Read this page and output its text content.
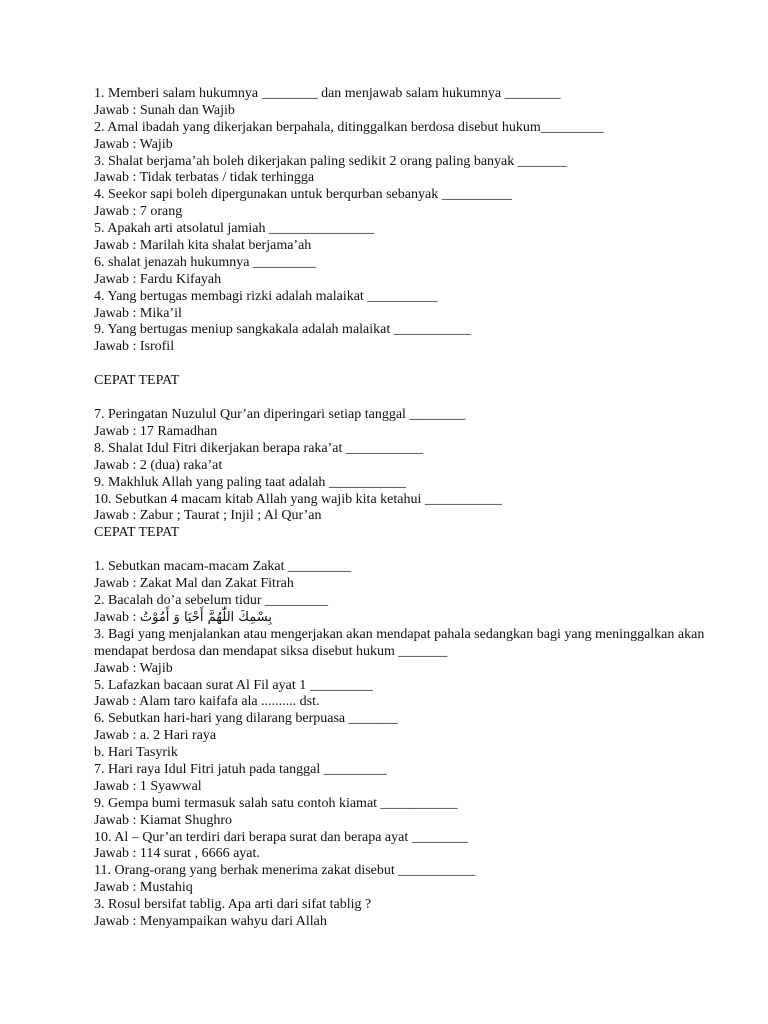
1. Memberi salam hukumnya ________ dan menjawab salam hukumnya ________
Jawab : Sunah dan Wajib
2. Amal ibadah yang dikerjakan berpahala, ditinggalkan berdosa disebut hukum_________
Jawab : Wajib
3. Shalat berjama’ah boleh dikerjakan paling sedikit 2 orang paling banyak _______
Jawab : Tidak terbatas / tidak terhingga
4. Seekor sapi boleh dipergunakan untuk berqurban sebanyak __________
Jawab : 7 orang
5. Apakah arti atsolatul jamiah _______________
Jawab : Marilah kita shalat berjama’ah
6. shalat jenazah hukumnya _________
Jawab : Fardu Kifayah
4. Yang bertugas membagi rizki adalah malaikat __________
Jawab : Mika’il
9. Yang bertugas meniup sangkakala adalah malaikat ___________
Jawab : Isrofil
CEPAT TEPAT
7. Peringatan Nuzulul Qur’an diperingari setiap tanggal ________
Jawab : 17 Ramadhan
8. Shalat Idul Fitri dikerjakan berapa raka’at ___________
Jawab : 2 (dua) raka’at
9. Makhluk Allah yang paling taat adalah ___________
10. Sebutkan 4 macam kitab Allah yang wajib kita ketahui ___________
Jawab : Zabur ; Taurat ; Injil ; Al Qur’an
CEPAT TEPAT
1. Sebutkan macam-macam Zakat _________
Jawab : Zakat Mal dan Zakat Fitrah
2. Bacalah do’a sebelum tidur _________
Jawab : بِسْمِكَ اللّٰهُمَّ أَحْيَا وَ أَمُوْتُ
3. Bagi yang menjalankan atau mengerjakan akan mendapat pahala sedangkan bagi yang meninggalkan akan mendapat berdosa dan mendapat siksa disebut hukum _______
Jawab : Wajib
5. Lafazkan bacaan surat Al Fil ayat 1 _________
Jawab : Alam taro kaifafa ala .......... dst.
6. Sebutkan hari-hari yang dilarang berpuasa _______
Jawab : a. 2 Hari raya
b. Hari Tasyrik
7. Hari raya Idul Fitri jatuh pada tanggal _________
Jawab : 1 Syawwal
9. Gempa bumi termasuk salah satu contoh kiamat ___________
Jawab : Kiamat Shughro
10. Al – Qur’an terdiri dari berapa surat dan berapa ayat ________
Jawab : 114 surat , 6666 ayat.
11. Orang-orang yang berhak menerima zakat disebut ___________
Jawab : Mustahiq
3. Rosul bersifat tablig. Apa arti dari sifat tablig ?
Jawab : Menyampaikan wahyu dari Allah
